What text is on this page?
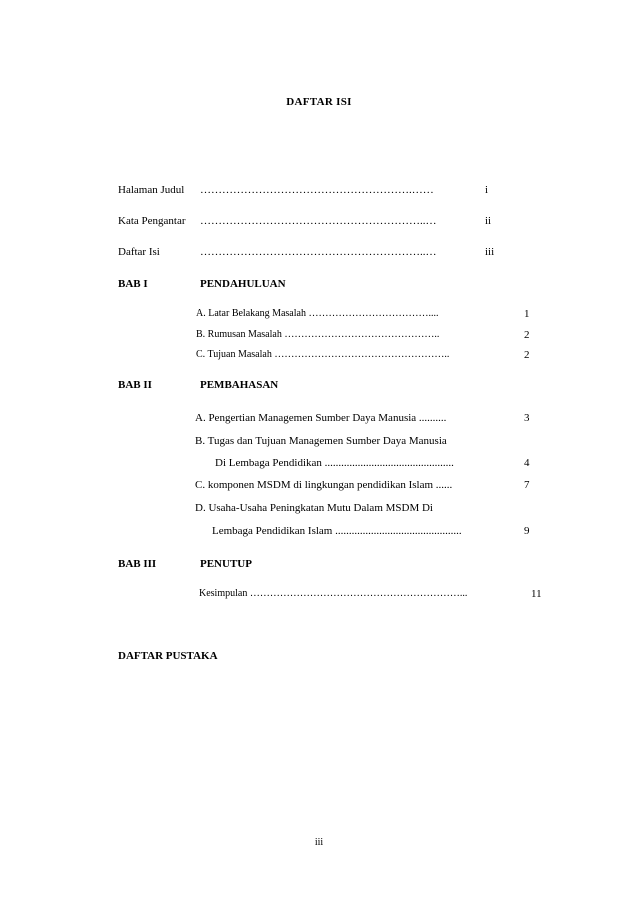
DAFTAR ISI
Halaman Judul ………………………………………………….……	i
Kata Pengantar ……………………………………………………..…	ii
Daftar Isi	……………………………………………………..…	iii
BAB I	PENDAHULUAN
A. Latar Belakang Masalah ………………………………....	1
B. Rumusan Masalah ………………………………………..	2
C. Tujuan Masalah ……………………………………………..	2
BAB II	PEMBAHASAN
A. Pengertian Managemen Sumber Daya Manusia ..........	3
B. Tugas dan Tujuan Managemen Sumber Daya Manusia
Di Lembaga Pendidikan ...............................................	4
C. komponen MSDM di lingkungan pendidikan Islam ......	7
D. Usaha-Usaha Peningkatan Mutu Dalam MSDM Di
Lembaga Pendidikan Islam ..............................................	9
BAB III	PENUTUP
Kesimpulan ………………………………………………………...	11
DAFTAR PUSTAKA
iii
